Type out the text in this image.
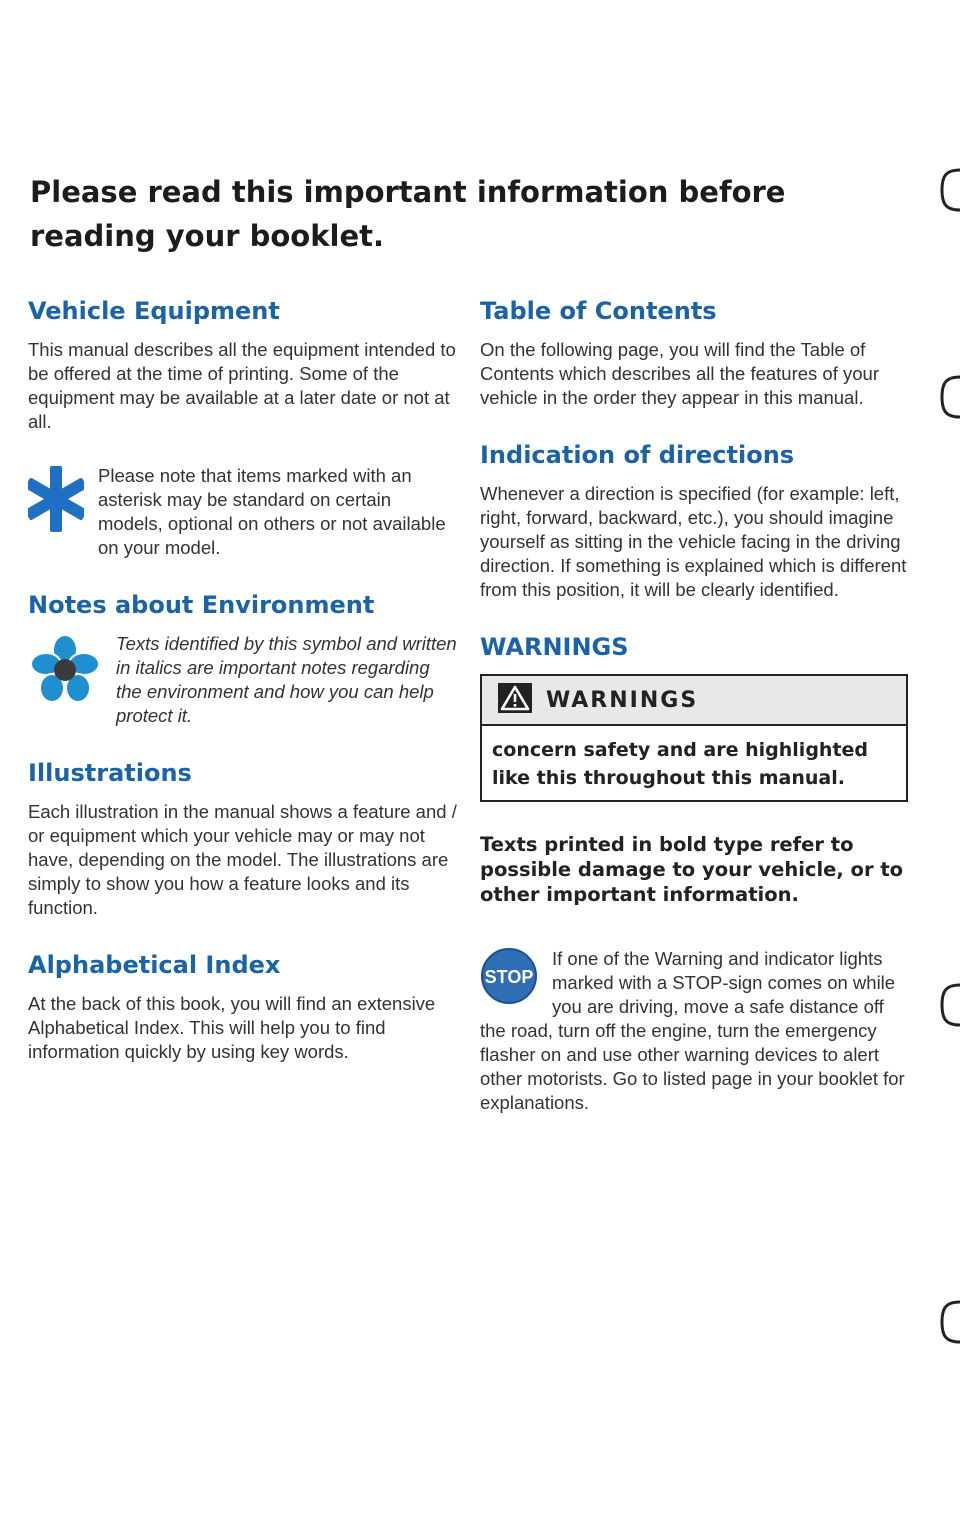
Please read this important information before reading your booklet.
Vehicle Equipment

This manual describes all the equipment intended to be offered at the time of printing. Some of the equipment may be available at a later date or not at all.

Please note that items marked with an asterisk may be standard on certain models, optional on others or not available on your model.

Notes about Environment

Texts identified by this symbol and written in italics are important notes regarding the environment and how you can help protect it.

Illustrations

Each illustration in the manual shows a feature and / or equipment which your vehicle may or may not have, depending on the model. The illustrations are simply to show you how a feature looks and its function.

Alphabetical Index

At the back of this book, you will find an extensive Alphabetical Index. This will help you to find information quickly by using key words.

Table of Contents

On the following page, you will find the Table of Contents which describes all the features of your vehicle in the order they appear in this manual.

Indication of directions

Whenever a direction is specified (for example: left, right, forward, backward, etc.), you should imagine yourself as sitting in the vehicle facing in the driving direction. If something is explained which is different from this position, it will be clearly identified.

WARNINGS
WARNINGS
concern safety and are highlighted like this throughout this manual.

Texts printed in bold type refer to possible damage to your vehicle, or to other important information.

STOP

If one of the Warning and indicator lights marked with a STOP-sign comes on while you are driving, move a safe distance off the road, turn off the engine, turn the emergency flasher on and use other warning devices to alert other motorists. Go to listed page in your booklet for explanations.
